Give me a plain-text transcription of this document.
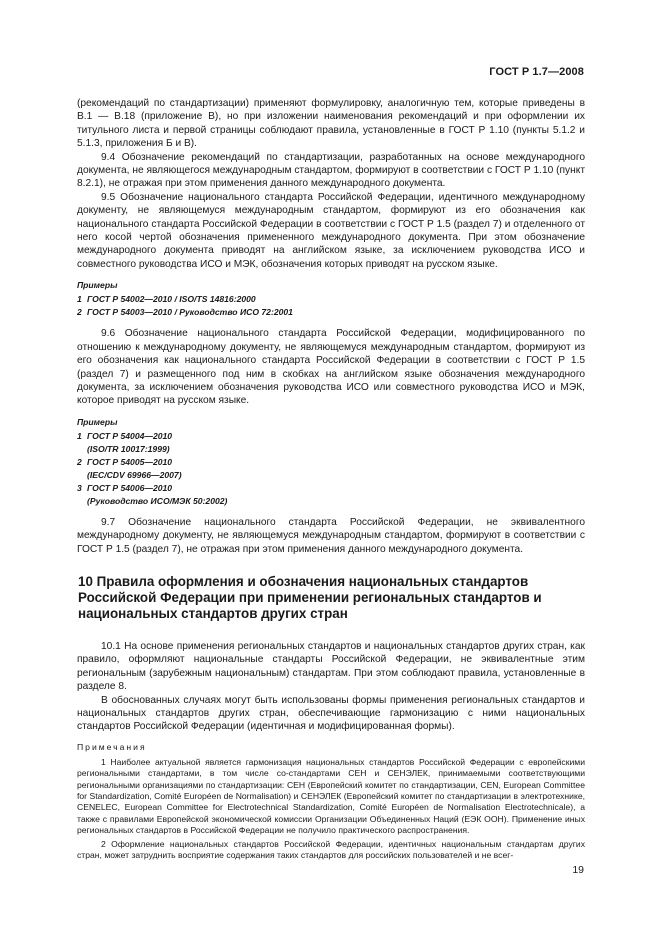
ГОСТ Р 1.7—2008

(рекомендаций по стандартизации) применяют формулировку, аналогичную тем, которые приведены в В.1 — В.18 (приложение В), но при изложении наименования рекомендаций и при оформлении их титульного листа и первой страницы соблюдают правила, установленные в ГОСТ Р 1.10 (пункты 5.1.2 и 5.1.3, приложения Б и В).

9.4 Обозначение рекомендаций по стандартизации, разработанных на основе международного документа, не являющегося международным стандартом, формируют в соответствии с ГОСТ Р 1.10 (пункт 8.2.1), не отражая при этом применения данного международного документа.

9.5 Обозначение национального стандарта Российской Федерации, идентичного международному документу, не являющемуся международным стандартом, формируют из его обозначения как национального стандарта Российской Федерации в соответствии с ГОСТ Р 1.5 (раздел 7) и отделенного от него косой чертой обозначения примененного международного документа. При этом обозначение международного документа приводят на английском языке, за исключением руководства ИСО и совместного руководства ИСО и МЭК, обозначения которых приводят на русском языке.

Примеры
1 ГОСТ Р 54002—2010 / ISO/TS 14816:2000
2 ГОСТ Р 54003—2010 / Руководство ИСО 72:2001

9.6 Обозначение национального стандарта Российской Федерации, модифицированного по отношению к международному документу, не являющемуся международным стандартом, формируют из его обозначения как национального стандарта Российской Федерации в соответствии с ГОСТ Р 1.5 (раздел 7) и размещенного под ним в скобках на английском языке обозначения международного документа, за исключением обозначения руководства ИСО или совместного руководства ИСО и МЭК, которое приводят на русском языке.

Примеры
1 ГОСТ Р 54004—2010
(ISO/TR 10017:1999)
2 ГОСТ Р 54005—2010
(IEC/CDV 69966—2007)
3 ГОСТ Р 54006—2010
(Руководство ИСО/МЭК 50:2002)

9.7 Обозначение национального стандарта Российской Федерации, не эквивалентного международному документу, не являющемуся международным стандартом, формируют в соответствии с ГОСТ Р 1.5 (раздел 7), не отражая при этом применения данного международного документа.

10 Правила оформления и обозначения национальных стандартов Российской Федерации при применении региональных стандартов и национальных стандартов других стран

10.1 На основе применения региональных стандартов и национальных стандартов других стран, как правило, оформляют национальные стандарты Российской Федерации, не эквивалентные этим региональным (зарубежным национальным) стандартам. При этом соблюдают правила, установленные в разделе 8.

В обоснованных случаях могут быть использованы формы применения региональных стандартов и национальных стандартов других стран, обеспечивающие гармонизацию с ними национальных стандартов Российской Федерации (идентичная и модифицированная формы).

Примечания

1 Наиболее актуальной является гармонизация национальных стандартов Российской Федерации с европейскими региональными стандартами, в том числе со-стандартами СЕН и СЕНЭЛЕК, принимаемыми соответствующими региональными организациями по стандартизации: СЕН (Европейский комитет по стандартизации, CEN, European Committee for Standardization, Comité Européen de Normalisation) и СЕНЭЛЕК (Европейский комитет по стандартизации в электротехнике, CENELEC, European Committee for Electrotechnical Standardization, Comité Européen de Normalisation Electrotechnicale), а также с правилами Европейской экономической комиссии Организации Объединенных Наций (ЕЭК ООН). Применение иных региональных стандартов в Российской Федерации не получило практического распространения.

2 Оформление национальных стандартов Российской Федерации, идентичных национальным стандартам других стран, может затруднить восприятие содержания таких стандартов для российских пользователей и не всег-

19
